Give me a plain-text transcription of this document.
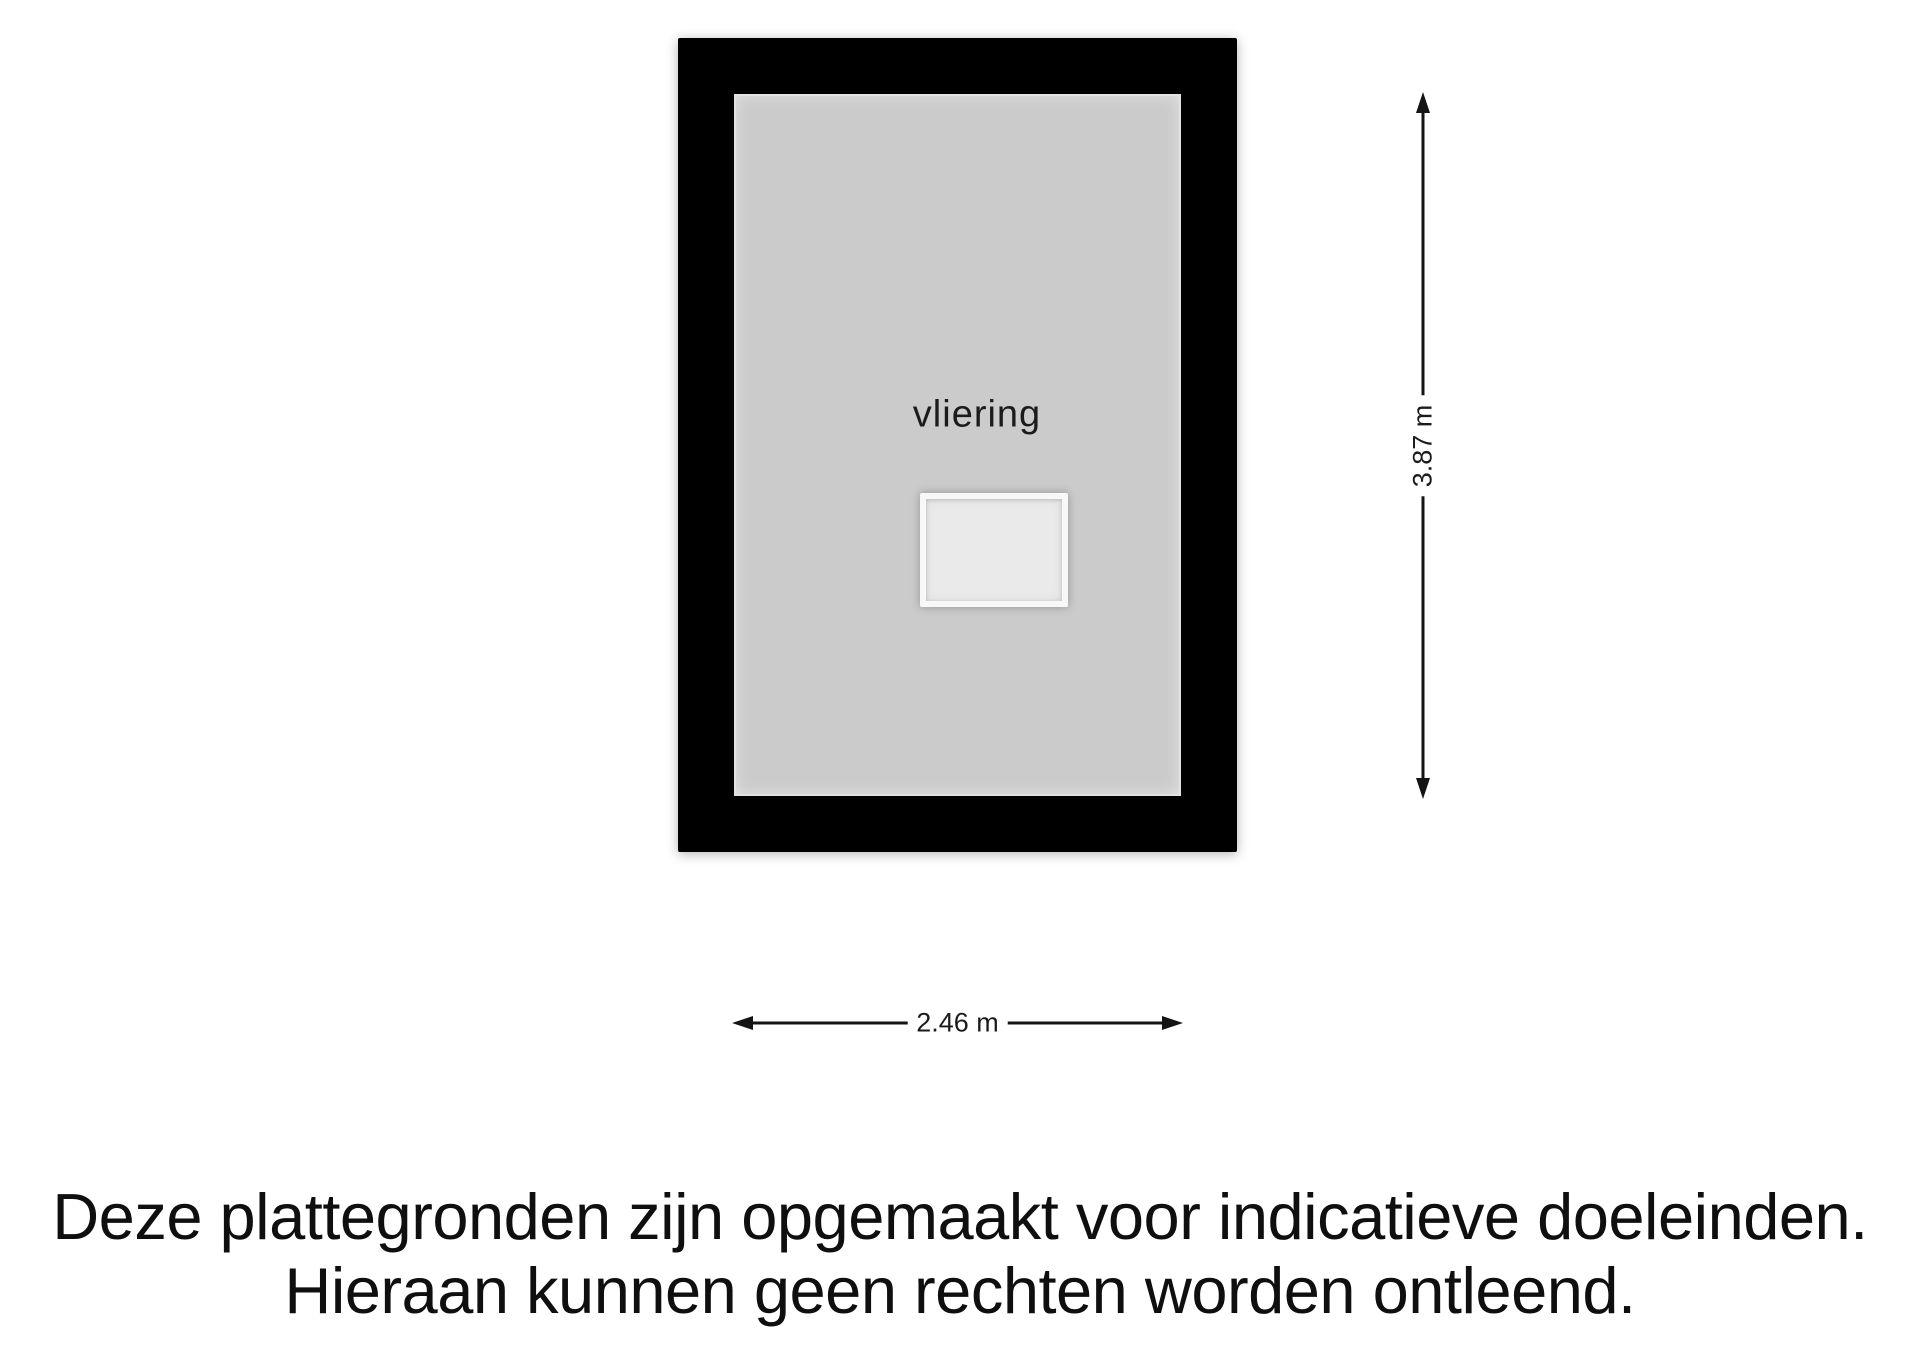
vliering	3.87 m
2.46 m
Deze plattegronden zijn opgemaakt voor indicatieve doeleinden.
Hieraan kunnen geen rechten worden ontleend.
